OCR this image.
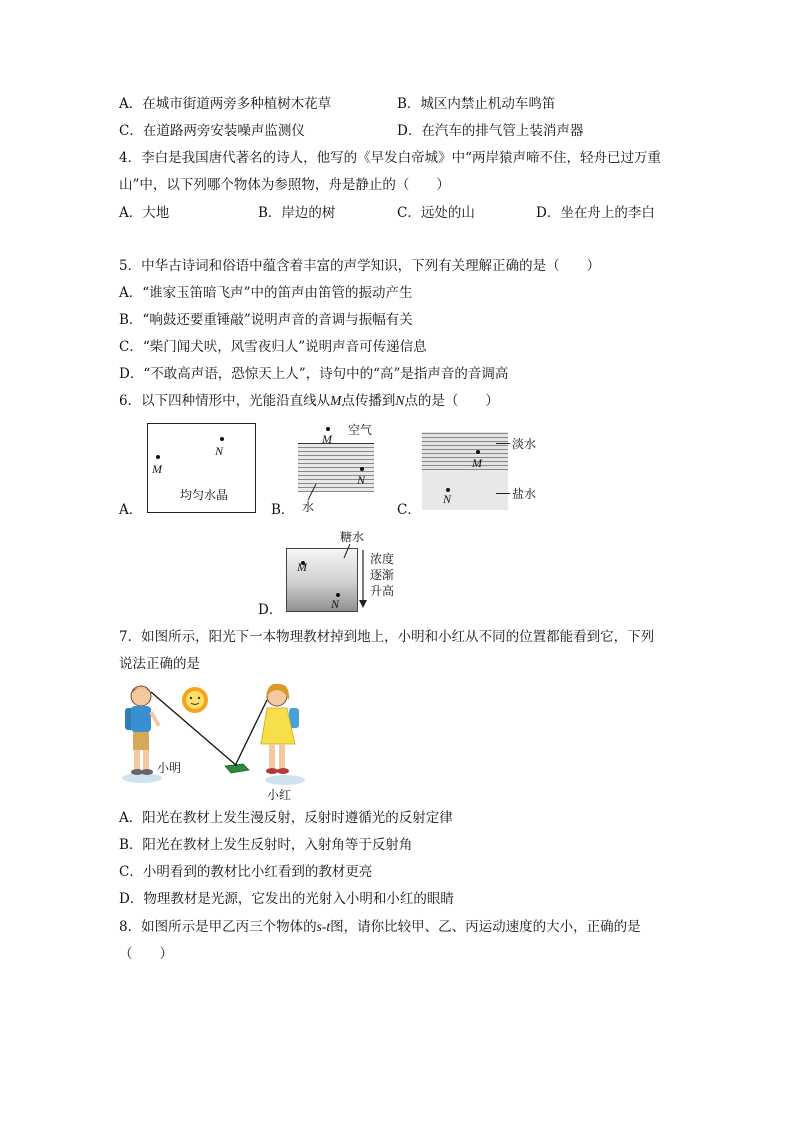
A．在城市街道两旁多种植树木花草	B．城区内禁止机动车鸣笛
C．在道路两旁安装噪声监测仪	D．在汽车的排气管上装消声器
4．李白是我国唐代著名的诗人，他写的《早发白帝城》中“两岸猿声啼不住，轻舟已过万重
山”中，以下列哪个物体为参照物，舟是静止的（　　）
A．大地	B．岸边的树	C．远处的山	D．坐在舟上的李白
5．中华古诗词和俗语中蕴含着丰富的声学知识，下列有关理解正确的是（　　）
A．“谁家玉笛暗飞声”中的笛声由笛管的振动产生
B．“响鼓还要重锤敲”说明声音的音调与振幅有关
C．“柴门闻犬吠，风雪夜归人”说明声音可传递信息
D．“不敢高声语，恐惊天上人”，诗句中的“高”是指声音的音调高
6．以下四种情形中，光能沿直线从M点传播到N点的是（　　）
A．
N
M
均匀水晶
B．
M
N
空气
水	C．
M
N
淡水
盐水
D．
糖水
M
N
浓度
逐渐
升高
7．如图所示，阳光下一本物理教材掉到地上，小明和小红从不同的位置都能看到它，下列
说法正确的是
小明
小红
A．阳光在教材上发生漫反射，反射时遵循光的反射定律
B．阳光在教材上发生反射时，入射角等于反射角
C．小明看到的教材比小红看到的教材更亮
D．物理教材是光源，它发出的光射入小明和小红的眼睛
8．如图所示是甲乙丙三个物体的s-t图，请你比较甲、乙、丙运动速度的大小，正确的是
（　　）
